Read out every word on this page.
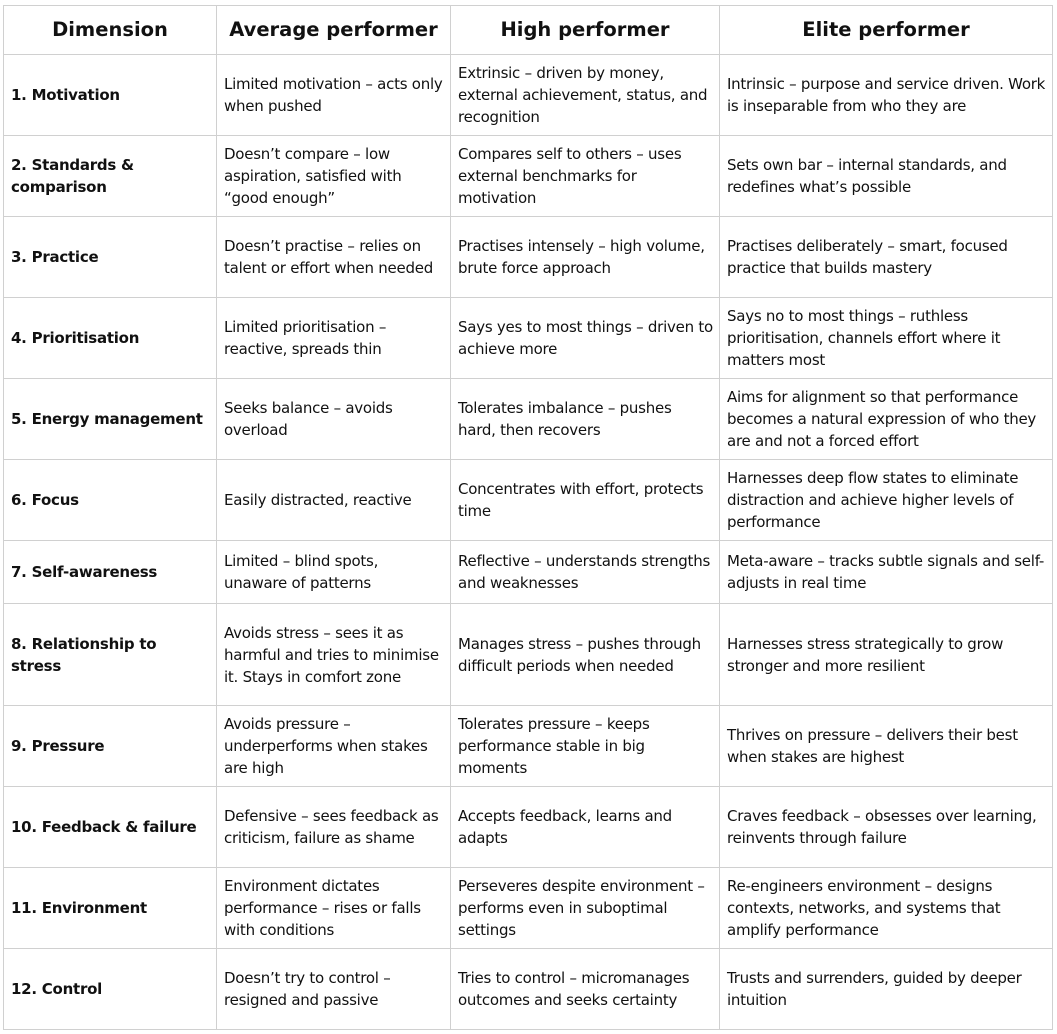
Dimension	Average performer	High performer	Elite performer
1. Motivation	Limited motivation – acts only when pushed	Extrinsic – driven by money, external achievement, status, and recognition	Intrinsic – purpose and service driven. Work is inseparable from who they are
2. Standards & comparison	Doesn’t compare – low aspiration, satisfied with “good enough”	Compares self to others – uses external benchmarks for motivation	Sets own bar – internal standards, and redefines what’s possible
3. Practice	Doesn’t practise – relies on talent or effort when needed	Practises intensely – high volume, brute force approach	Practises deliberately – smart, focused practice that builds mastery
4. Prioritisation	Limited prioritisation – reactive, spreads thin	Says yes to most things – driven to achieve more	Says no to most things – ruthless prioritisation, channels effort where it matters most
5. Energy management	Seeks balance – avoids overload	Tolerates imbalance – pushes hard, then recovers	Aims for alignment so that performance becomes a natural expression of who they are and not a forced effort
6. Focus	Easily distracted, reactive	Concentrates with effort, protects time	Harnesses deep flow states to eliminate distraction and achieve higher levels of performance
7. Self-awareness	Limited – blind spots, unaware of patterns	Reflective – understands strengths and weaknesses	Meta-aware – tracks subtle signals and self-adjusts in real time
8. Relationship to stress	Avoids stress – sees it as harmful and tries to minimise it. Stays in comfort zone	Manages stress – pushes through difficult periods when needed	Harnesses stress strategically to grow stronger and more resilient
9. Pressure	Avoids pressure – underperforms when stakes are high	Tolerates pressure – keeps performance stable in big moments	Thrives on pressure – delivers their best when stakes are highest
10. Feedback & failure	Defensive – sees feedback as criticism, failure as shame	Accepts feedback, learns and adapts	Craves feedback – obsesses over learning, reinvents through failure
11. Environment	Environment dictates performance – rises or falls with conditions	Perseveres despite environment – performs even in suboptimal settings	Re-engineers environment – designs contexts, networks, and systems that amplify performance
12. Control	Doesn’t try to control – resigned and passive	Tries to control – micromanages outcomes and seeks certainty	Trusts and surrenders, guided by deeper intuition
